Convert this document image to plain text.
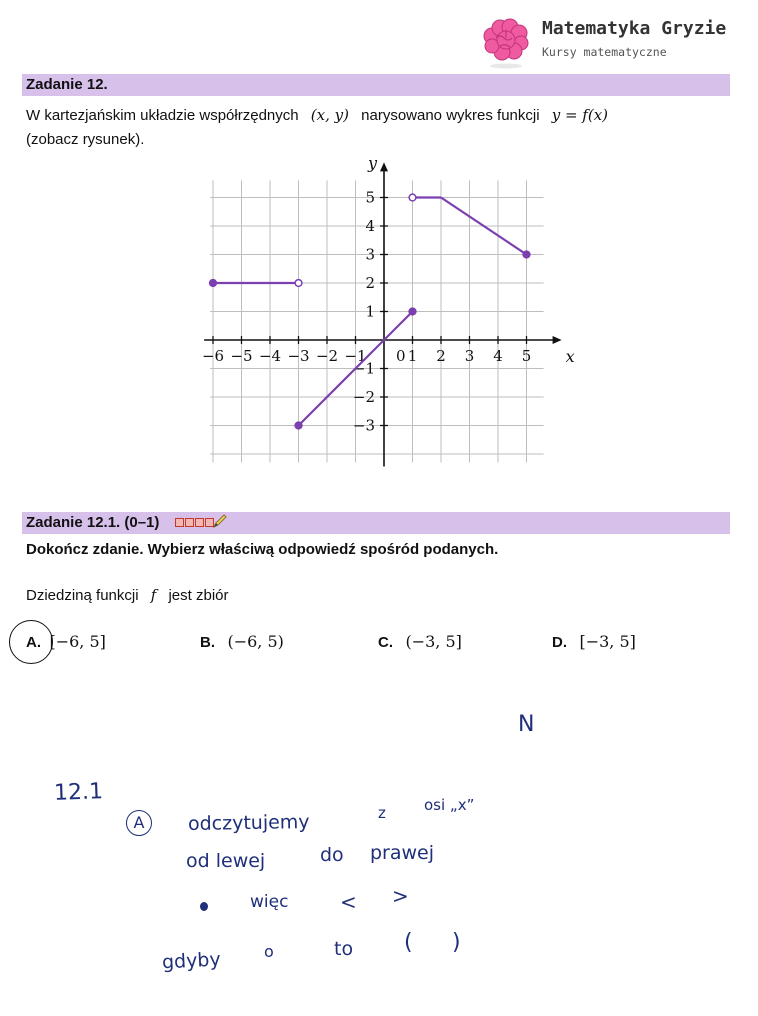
Matematyka Gryzie
Kursy matematyczne
Zadanie 12.
W kartezjańskim układzie współrzędnych (x, y) narysowano wykres funkcji y = f(x)
(zobacz rysunek).
−6 −5 −4 −3 −2 −1	1 2 3 4 5
5
4
3
2
1
−1
−2
−3
0	x
y
Zadanie 12.1. (0–1)
Dokończ zdanie. Wybierz właściwą odpowiedź spośród podanych.
Dziedziną funkcji f jest zbiór
A. [−6, 5]	B. (−6, 5)	C. (−3, 5]	D. [−3, 5]
N
12.1
A	odczytujemy	z	osi „x”
od lewej	do prawej
więc	< >
gdyby	o	to ( )
